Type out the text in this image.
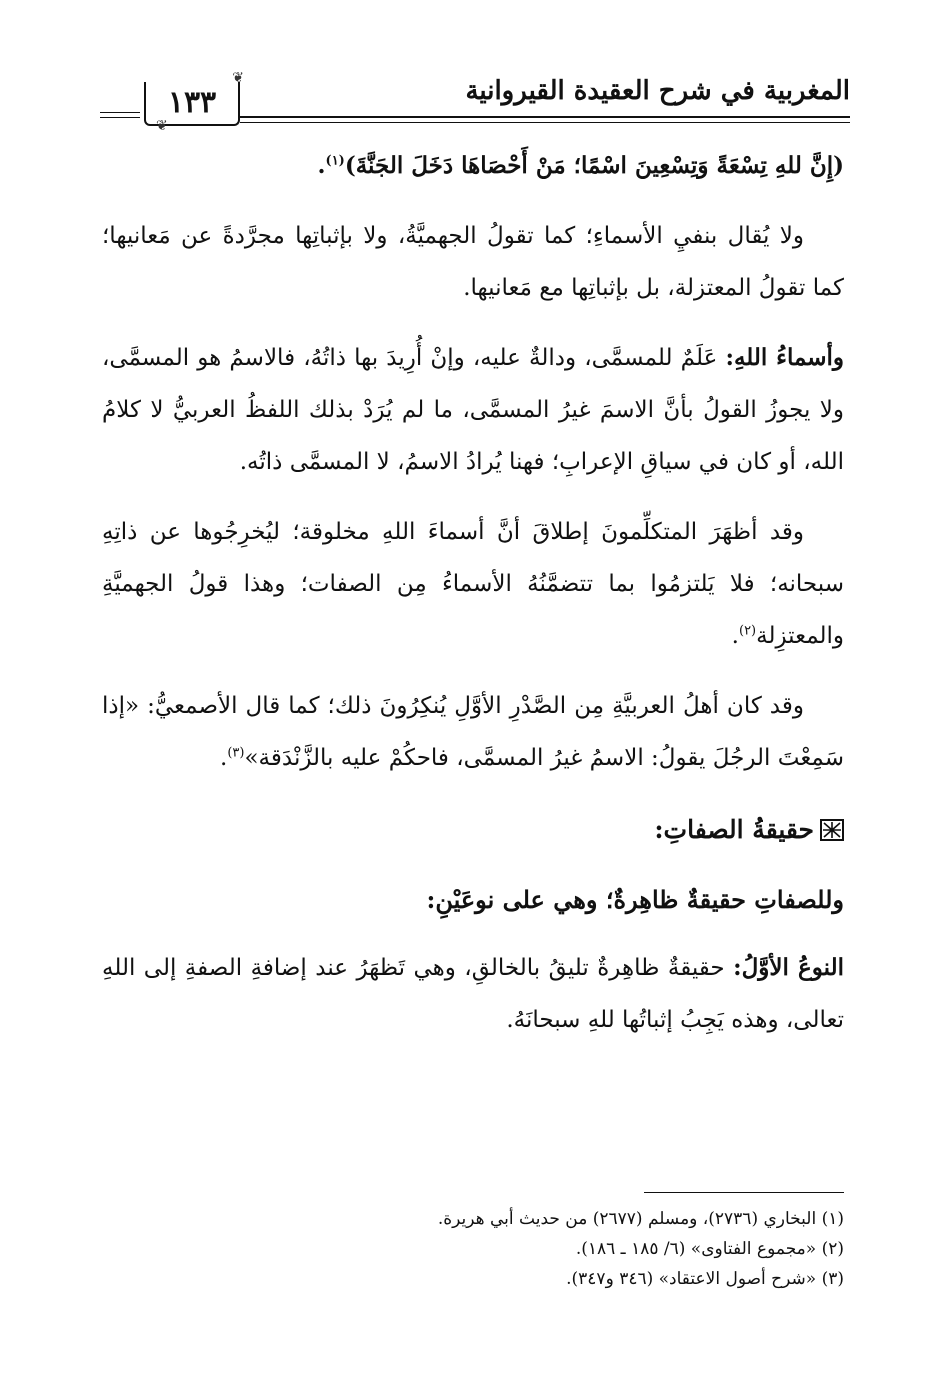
المغربية في شرح العقيدة القيروانية
❦
١٣٣
❦

(إِنَّ للهِ تِسْعَةً وَتِسْعِينَ اسْمًا؛ مَنْ أَحْصَاهَا دَخَلَ الجَنَّةَ)$^{(١)}$.

ولا يُقال بنفيِ الأسماءِ؛ كما تقولُ الجهميَّةُ، ولا بإثباتِها مجرَّدةً عن مَعانيها؛ كما تقولُ المعتزلة، بل بإثباتِها مع مَعانيها.

وأسماءُ اللهِ: عَلَمٌ للمسمَّى، ودالةٌ عليه، وإنْ أُرِيدَ بها ذاتُهُ، فالاسمُ هو المسمَّى، ولا يجوزُ القولُ بأنَّ الاسمَ غيرُ المسمَّى، ما لم يُرَدْ بذلك اللفظُ العربيُّ لا كلامُ الله، أو كان في سياقِ الإعرابِ؛ فهنا يُرادُ الاسمُ، لا المسمَّى ذاتُه.

وقد أظهَرَ المتكلِّمونَ إطلاقَ أنَّ أسماءَ اللهِ مخلوقة؛ ليُخرِجُوها عن ذاتِهِ سبحانه؛ فلا يَلتزمُوا بما تتضمَّنُهُ الأسماءُ مِن الصفات؛ وهذا قولُ الجهميَّةِ والمعتزِلة$^{(٢)}$.

وقد كان أهلُ العربيَّةِ مِن الصَّدْرِ الأوَّلِ يُنكِرُونَ ذلك؛ كما قال الأصمعيُّ: «إذا سَمِعْتَ الرجُلَ يقولُ: الاسمُ غيرُ المسمَّى، فاحكُمْ عليه بالزَّنْدَقة»$^{(٣)}$.

حقيقةُ الصفاتِ:

وللصفاتِ حقيقةٌ ظاهِرةٌ؛ وهي على نوعَيْنِ:

النوعُ الأوَّلُ: حقيقةٌ ظاهِرةٌ تليقُ بالخالقِ، وهي تَظهَرُ عند إضافةِ الصفةِ إلى اللهِ تعالى، وهذه يَجِبُ إثباتُها للهِ سبحانَهُ.

(١) البخاري (٢٧٣٦)، ومسلم (٢٦٧٧) من حديث أبي هريرة.
(٢) «مجموع الفتاوى» (٦/ ١٨٥ ـ ١٨٦).
(٣) «شرح أصول الاعتقاد» (٣٤٦ و٣٤٧).
